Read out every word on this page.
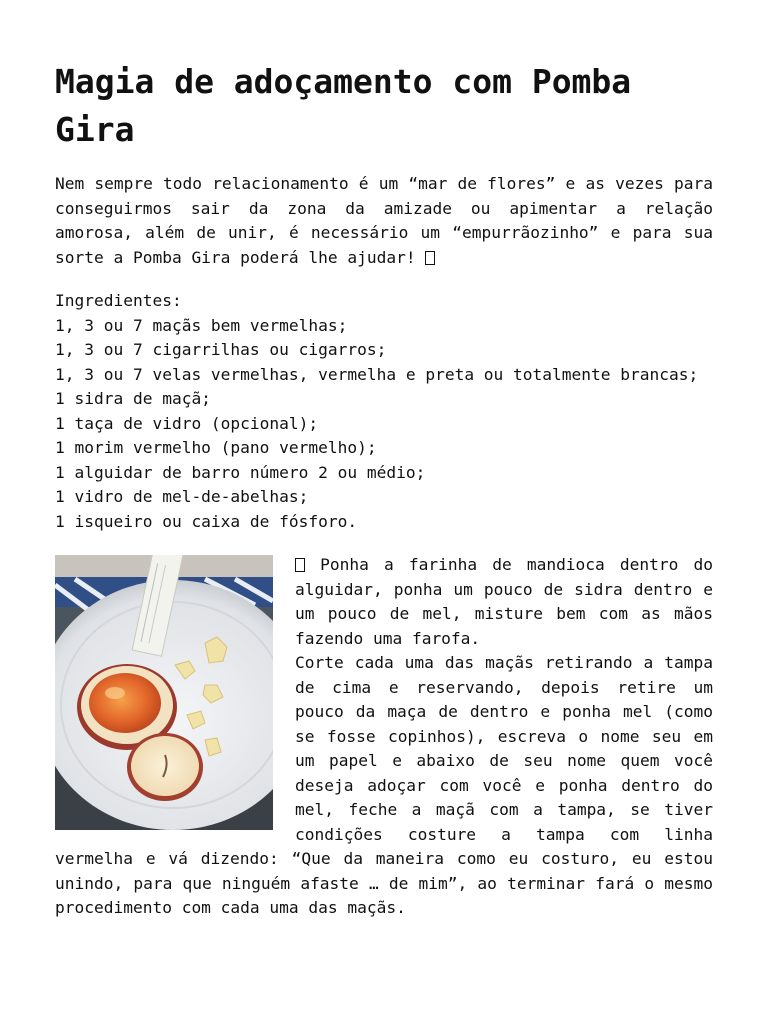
Magia de adoçamento com Pomba Gira

Nem sempre todo relacionamento é um “mar de flores” e as vezes para conseguirmos sair da zona da amizade ou apimentar a relação amorosa, além de unir, é necessário um “empurrãozinho” e para sua sorte a Pomba Gira poderá lhe ajudar!

Ingredientes:
1, 3 ou 7 maçãs bem vermelhas;
1, 3 ou 7 cigarrilhas ou cigarros;
1, 3 ou 7 velas vermelhas, vermelha e preta ou totalmente brancas;
1 sidra de maçã;
1 taça de vidro (opcional);
1 morim vermelho (pano vermelho);
1 alguidar de barro número 2 ou médio;
1 vidro de mel-de-abelhas;
1 isqueiro ou caixa de fósforo.

Ponha a farinha de mandioca dentro do alguidar, ponha um pouco de sidra dentro e um pouco de mel, misture bem com as mãos fazendo uma farofa.

Corte cada uma das maçãs retirando a tampa de cima e reservando, depois retire um pouco da maça de dentro e ponha mel (como se fosse copinhos), escreva o nome seu em um papel e abaixo de seu nome quem você deseja adoçar com você e ponha dentro do mel, feche a maçã com a tampa, se tiver condições costure a tampa com linha vermelha e vá dizendo: “Que da maneira como eu costuro, eu estou unindo, para que ninguém afaste … de mim”, ao terminar fará o mesmo procedimento com cada uma das maçãs.
